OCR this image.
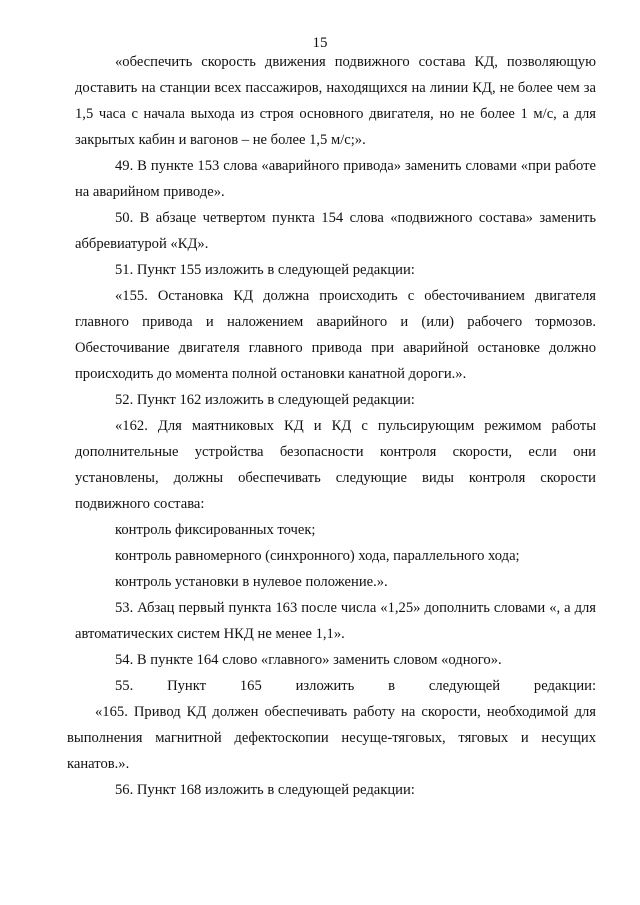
15

«обеспечить скорость движения подвижного состава КД, позволяющую доставить на станции всех пассажиров, находящихся на линии КД, не более чем за 1,5 часа с начала выхода из строя основного двигателя, но не более 1 м/с, а для закрытых кабин и вагонов – не более 1,5 м/с;».

49. В пункте 153 слова «аварийного привода» заменить словами «при работе на аварийном приводе».

50. В абзаце четвертом пункта 154 слова «подвижного состава» заменить аббревиатурой «КД».

51. Пункт 155 изложить в следующей редакции:

«155. Остановка КД должна происходить с обесточиванием двигателя главного привода и наложением аварийного и (или) рабочего тормозов. Обесточивание двигателя главного привода при аварийной остановке должно происходить до момента полной остановки канатной дороги.».

52. Пункт 162 изложить в следующей редакции:

«162. Для маятниковых КД и КД с пульсирующим режимом работы дополнительные устройства безопасности контроля скорости, если они установлены, должны обеспечивать следующие виды контроля скорости подвижного состава:

контроль фиксированных точек;

контроль равномерного (синхронного) хода, параллельного хода;

контроль установки в нулевое положение.».

53. Абзац первый пункта 163 после числа «1,25» дополнить словами «, а для автоматических систем НКД не менее 1,1».

54. В пункте 164 слово «главного» заменить словом «одного».

55. Пункт 165 изложить в следующей редакции:

«165. Привод КД должен обеспечивать работу на скорости, необходимой для выполнения магнитной дефектоскопии несуще-тяговых, тяговых и несущих канатов.».

56. Пункт 168 изложить в следующей редакции:
